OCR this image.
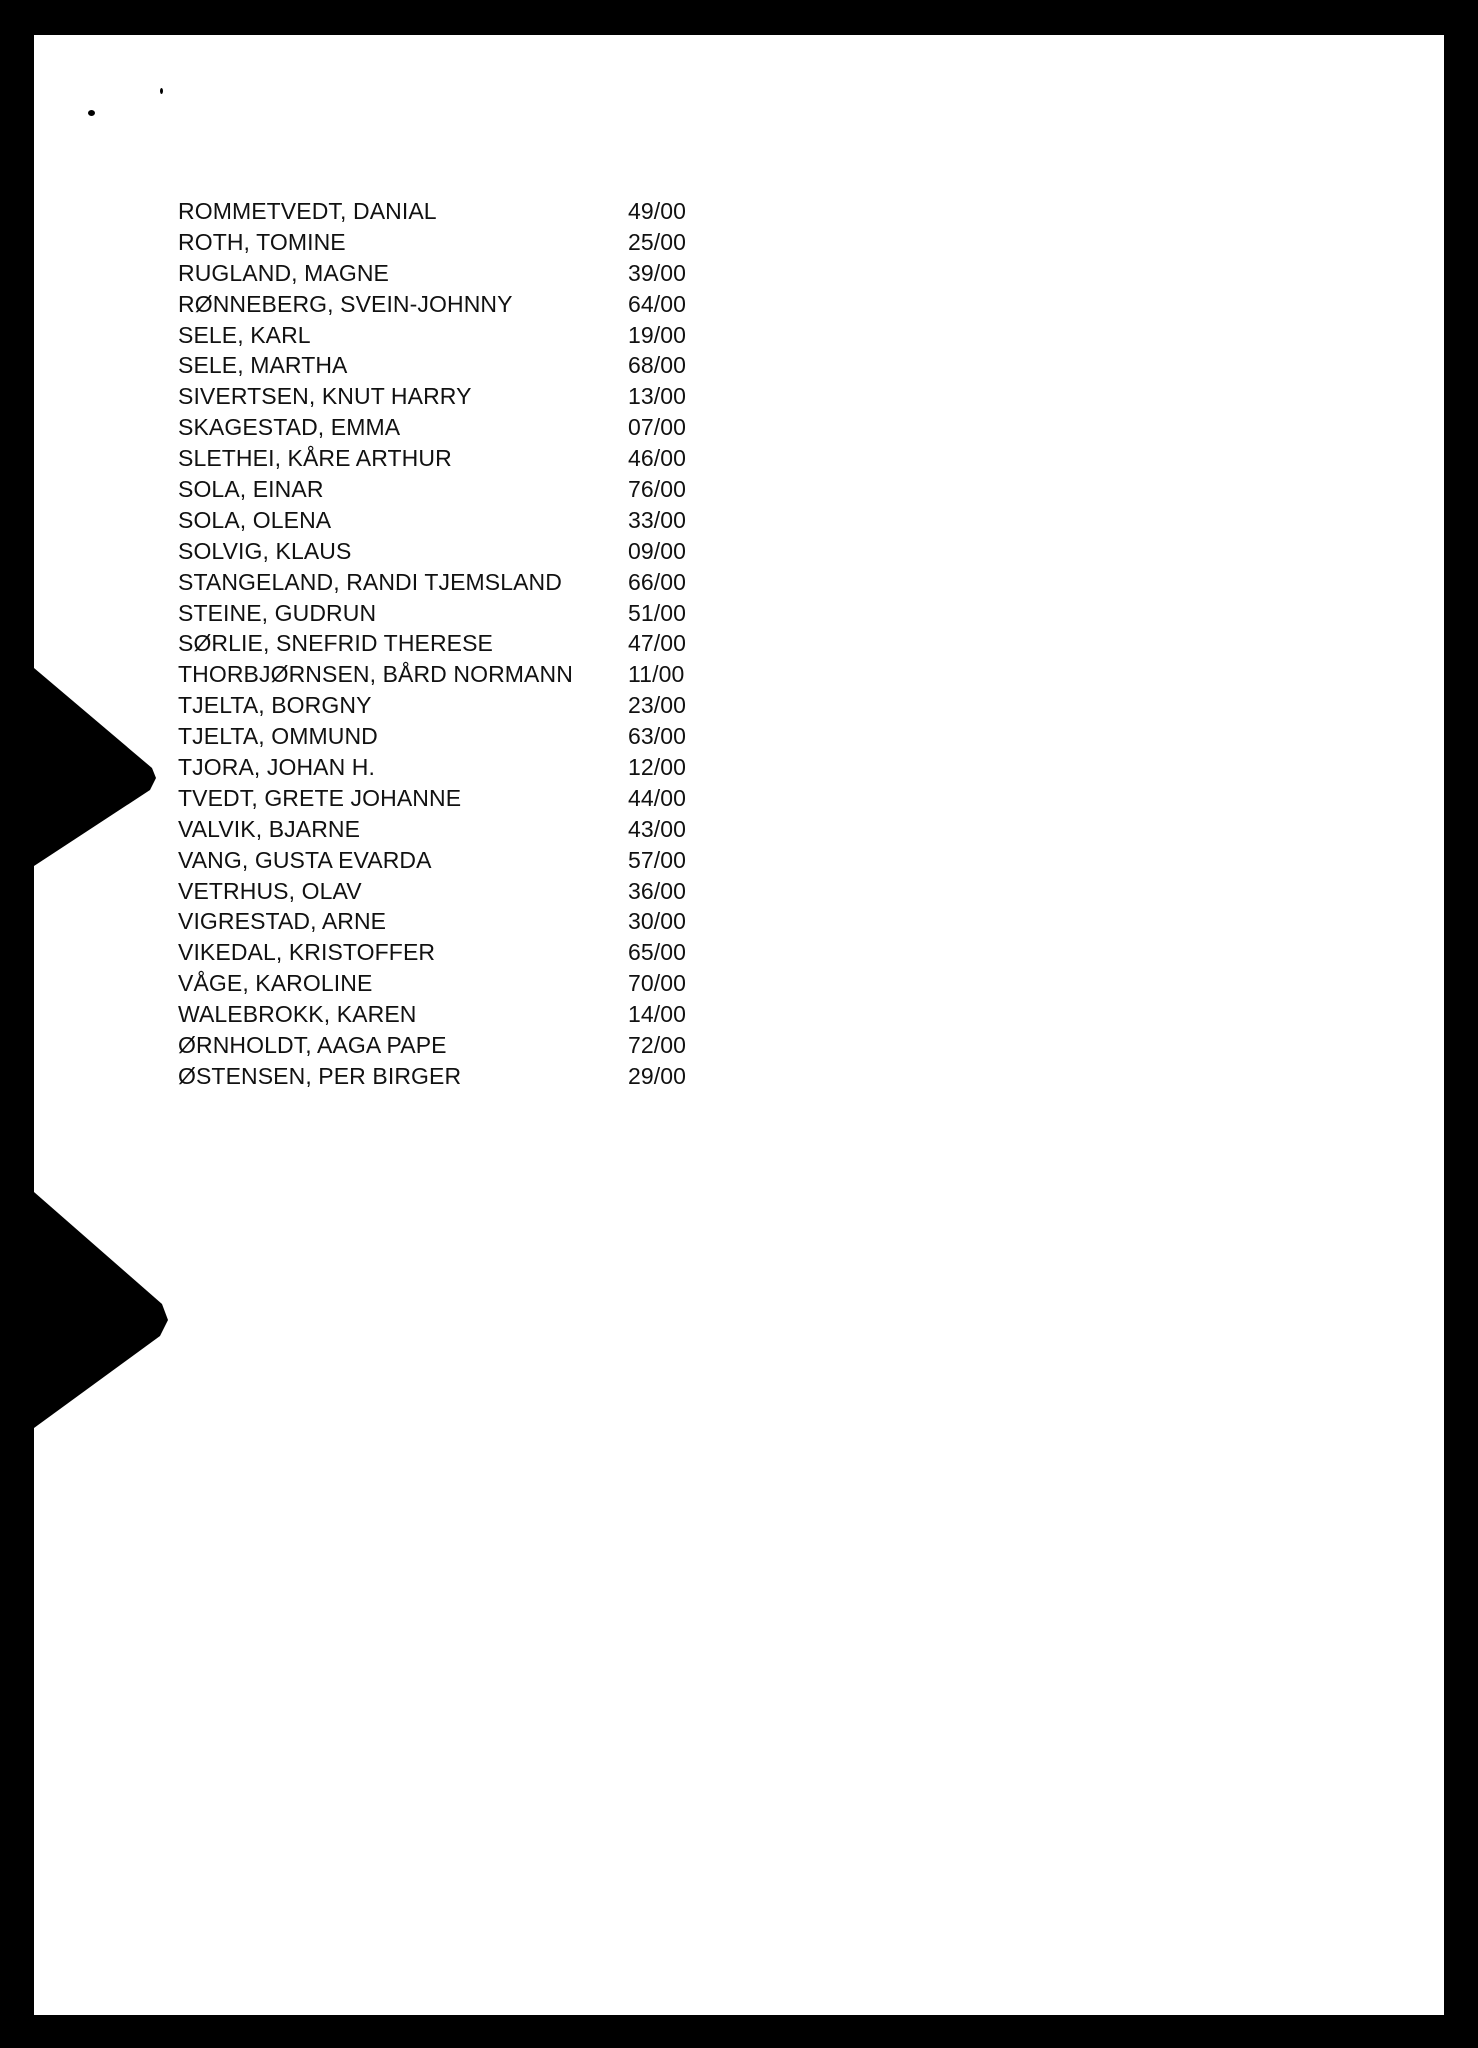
ROMMETVEDT, DANIAL	49/00
ROTH, TOMINE	25/00
RUGLAND, MAGNE	39/00
RØNNEBERG, SVEIN-JOHNNY	64/00
SELE, KARL	19/00
SELE, MARTHA	68/00
SIVERTSEN, KNUT HARRY	13/00
SKAGESTAD, EMMA	07/00
SLETHEI, KÅRE ARTHUR	46/00
SOLA, EINAR	76/00
SOLA, OLENA	33/00
SOLVIG, KLAUS	09/00
STANGELAND, RANDI TJEMSLAND	66/00
STEINE, GUDRUN	51/00
SØRLIE, SNEFRID THERESE	47/00
THORBJØRNSEN, BÅRD NORMANN 11/00
TJELTA, BORGNY	23/00
TJELTA, OMMUND	63/00
TJORA, JOHAN H.	12/00
TVEDT, GRETE JOHANNE	44/00
VALVIK, BJARNE	43/00
VANG, GUSTA EVARDA	57/00
VETRHUS, OLAV	36/00
VIGRESTAD, ARNE	30/00
VIKEDAL, KRISTOFFER	65/00
VÅGE, KAROLINE	70/00
WALEBROKK, KAREN	14/00
ØRNHOLDT, AAGA PAPE	72/00
ØSTENSEN, PER BIRGER	29/00
